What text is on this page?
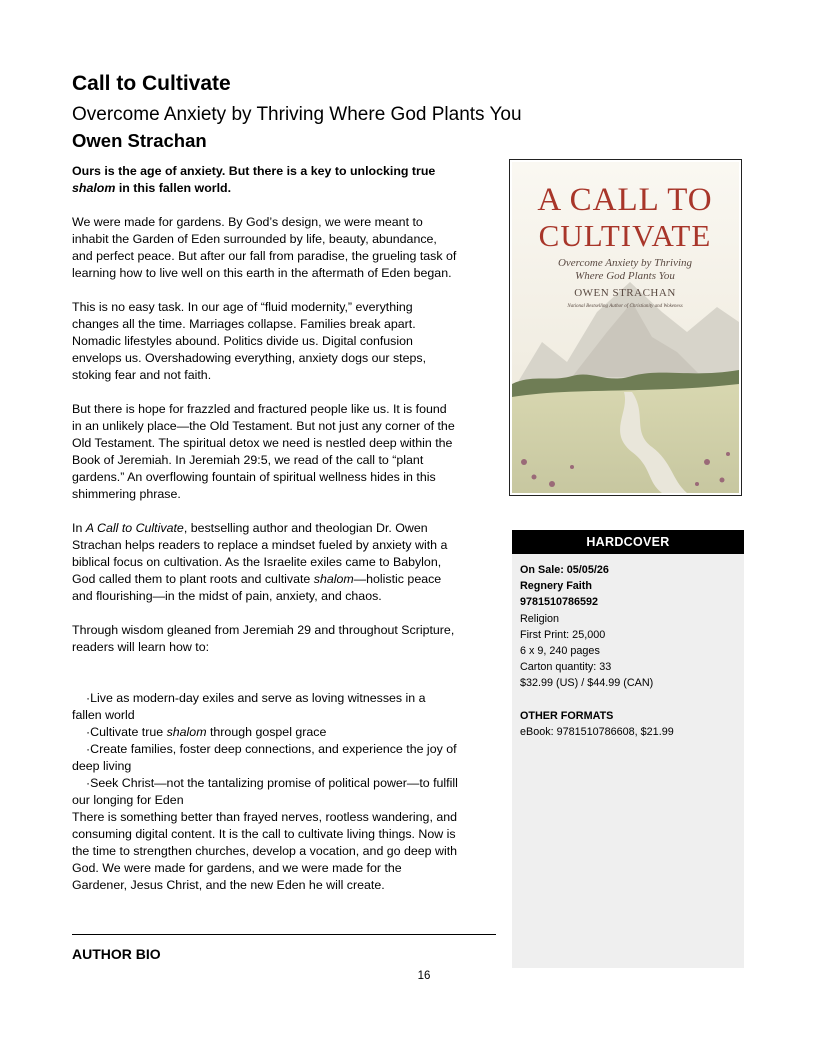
Call to Cultivate
Overcome Anxiety by Thriving Where God Plants You
Owen Strachan

Ours is the age of anxiety. But there is a key to unlocking true shalom in this fallen world.

We were made for gardens. By God’s design, we were meant to inhabit the Garden of Eden surrounded by life, beauty, abundance, and perfect peace. But after our fall from paradise, the grueling task of learning how to live well on this earth in the aftermath of Eden began.

This is no easy task. In our age of “fluid modernity,” everything changes all the time. Marriages collapse. Families break apart. Nomadic lifestyles abound. Politics divide us. Digital confusion envelops us. Overshadowing everything, anxiety dogs our steps, stoking fear and not faith.

But there is hope for frazzled and fractured people like us. It is found in an unlikely place—the Old Testament. But not just any corner of the Old Testament. The spiritual detox we need is nestled deep within the Book of Jeremiah. In Jeremiah 29:5, we read of the call to “plant gardens.” An overflowing fountain of spiritual wellness hides in this shimmering phrase.

In A Call to Cultivate, bestselling author and theologian Dr. Owen Strachan helps readers to replace a mindset fueled by anxiety with a biblical focus on cultivation. As the Israelite exiles came to Babylon, God called them to plant roots and cultivate shalom—holistic peace and flourishing—in the midst of pain, anxiety, and chaos.

Through wisdom gleaned from Jeremiah 29 and throughout Scripture, readers will learn how to:

·Live as modern-day exiles and serve as loving witnesses in a fallen world

·Cultivate true shalom through gospel grace

·Create families, foster deep connections, and experience the joy of deep living

·Seek Christ—not the tantalizing promise of political power—to fulfill our longing for Eden

There is something better than frayed nerves, rootless wandering, and consuming digital content. It is the call to cultivate living things. Now is the time to strengthen churches, develop a vocation, and go deep with God. We were made for gardens, and we were made for the Gardener, Jesus Christ, and the new Eden he will create.

AUTHOR BIO
16
A CALL TO
CULTIVATE
Overcome Anxiety by Thriving
Where God Plants You
OWEN STRACHAN
National Bestselling Author of Christianity and Wokeness
HARDCOVER
On Sale: 05/05/26
Regnery Faith
9781510786592
Religion
First Print: 25,000
6 x 9, 240 pages
Carton quantity: 33
$32.99 (US) / $44.99 (CAN)
OTHER FORMATS
eBook: 9781510786608, $21.99
